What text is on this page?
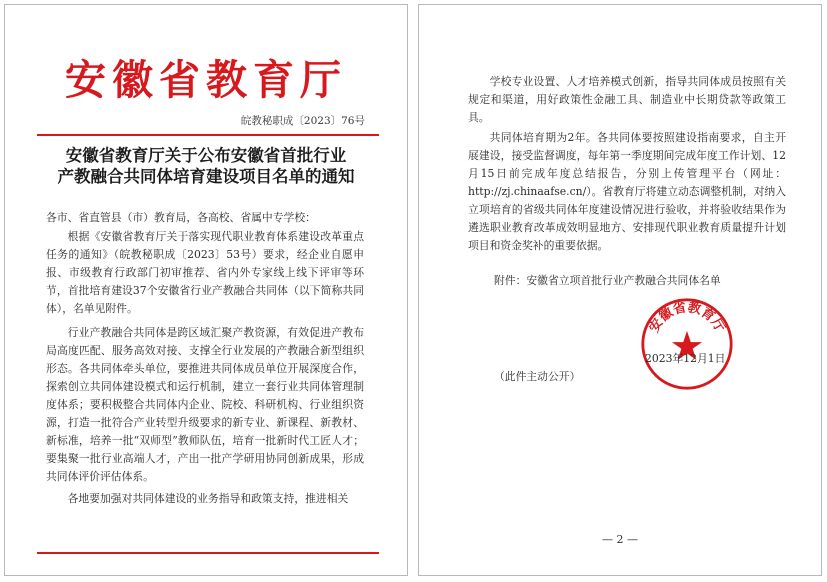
安徽省教育厅
皖教秘职成〔2023〕76号
安徽省教育厅关于公布安徽省首批行业
产教融合共同体培育建设项目名单的通知
各市、省直管县（市）教育局，各高校、省属中专学校：
根据《安徽省教育厅关于落实现代职业教育体系建设改革重点任务的通知》（皖教秘职成〔2023〕53号）要求，经企业自愿申报、市级教育行政部门初审推荐、省内外专家线上线下评审等环节，首批培育建设37个安徽省行业产教融合共同体（以下简称共同体），名单见附件。
行业产教融合共同体是跨区域汇聚产教资源，有效促进产教布局高度匹配、服务高效对接、支撑全行业发展的产教融合新型组织形态。各共同体牵头单位，要推进共同体成员单位开展深度合作，探索创立共同体建设模式和运行机制，建立一套行业共同体管理制度体系；要积极整合共同体内企业、院校、科研机构、行业组织资源，打造一批符合产业转型升级要求的新专业、新课程、新教材、新标准，培养一批“双师型”教师队伍，培育一批新时代工匠人才；要集聚一批行业高端人才，产出一批产学研用协同创新成果，形成共同体评价评估体系。
各地要加强对共同体建设的业务指导和政策支持，推进相关
学校专业设置、人才培养模式创新，指导共同体成员按照有关规定和渠道，用好政策性金融工具、制造业中长期贷款等政策工具。
共同体培育期为2年。各共同体要按照建设指南要求，自主开展建设，接受监督调度，每年第一季度期间完成年度工作计划、12月15日前完成年度总结报告，分别上传管理平台（网址：http://zj.chinaafse.cn/）。省教育厅将建立动态调整机制，对纳入立项培育的省级共同体年度建设情况进行验收，并将验收结果作为遴选职业教育改革成效明显地方、安排现代职业教育质量提升计划项目和资金奖补的重要依据。
附件：安徽省立项首批行业产教融合共同体名单
安徽省教育厅
2023年12月1日
（此件主动公开）
— 2 —
